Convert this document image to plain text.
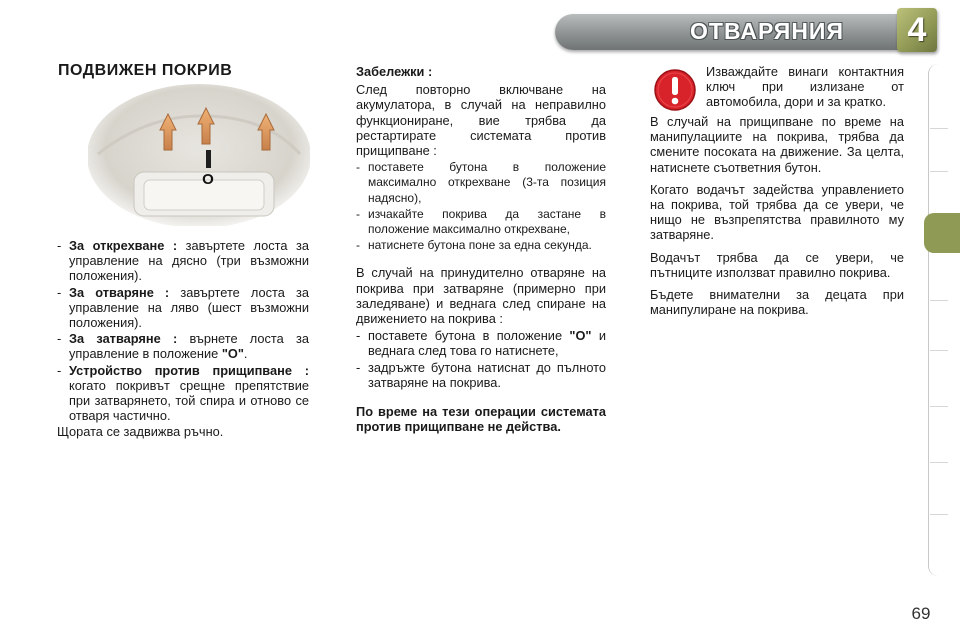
ОТВАРЯНИЯ	4
ПОДВИЖЕН ПОКРИВ
O
- За открехване : завъртете лоста за управление на дясно (три възможни положения).
- За отваряне : завъртете лоста за управление на ляво (шест възможни положения).
- За затваряне : върнете лоста за управление в положение "O".
- Устройство против прищипване : когато покривът срещне препятствие при затварянето, той спира и отново се отваря частично.

Щората се задвижва ръчно.

Забележки :

След повторно включване на акумулатора, в случай на неправилно функциониране, вие трябва да рестартирате системата против прищипване :

- поставете бутона в положение максимално открехване (3-та позиция надясно),
- изчакайте покрива да застане в положение максимално открехване,
- натиснете бутона поне за една секунда.

В случай на принудително отваряне на покрива при затваряне (примерно при заледяване) и веднага след спиране на движението на покрива :

- поставете бутона в положение "O" и веднага след това го натиснете,
- задръжте бутона натиснат до пълното затваряне на покрива.

По време на тези операции системата против прищипване не действа.

Изваждайте винаги контактния ключ при излизане от автомобила, дори и за кратко.

В случай на прищипване по време на манипулациите на покрива, трябва да смените посоката на движение. За целта, натиснете съответния бутон.

Когато водачът задейства управлението на покрива, той трябва да се увери, че нищо не възпрепятства правилното му затваряне.

Водачът трябва да се увери, че пътниците използват правилно покрива.

Бъдете внимателни за децата при манипулиране на покрива.

69
